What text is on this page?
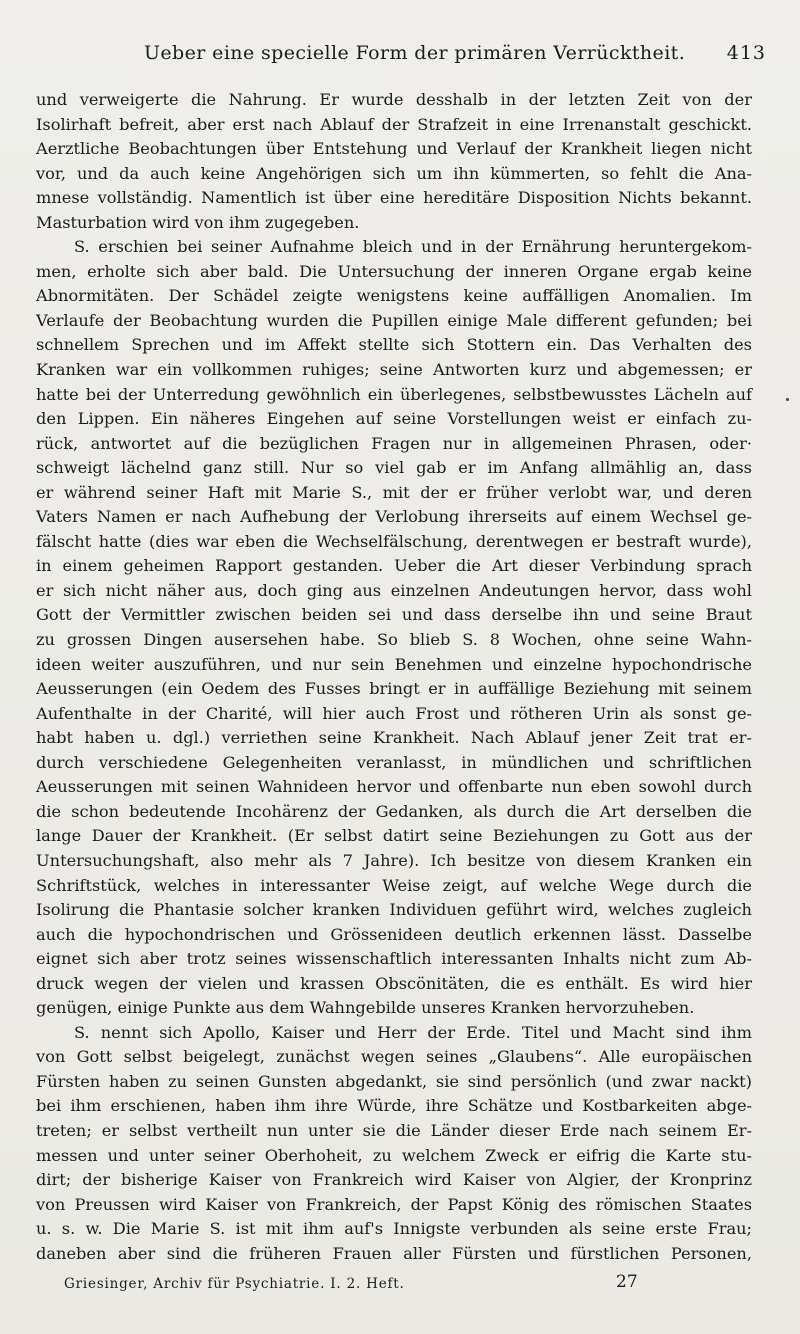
Ueber eine specielle Form der primären Verrücktheit. 413
und verweigerte die Nahrung. Er wurde desshalb in der letzten Zeit von der
Isolirhaft befreit, aber erst nach Ablauf der Strafzeit in eine Irrenanstalt geschickt.
Aerztliche Beobachtungen über Entstehung und Verlauf der Krankheit liegen nicht
vor, und da auch keine Angehörigen sich um ihn kümmerten, so fehlt die Ana-
mnese vollständig. Namentlich ist über eine hereditäre Disposition Nichts bekannt.
Masturbation wird von ihm zugegeben.
S. erschien bei seiner Aufnahme bleich und in der Ernährung heruntergekom-
men, erholte sich aber bald. Die Untersuchung der inneren Organe ergab keine
Abnormitäten. Der Schädel zeigte wenigstens keine auffälligen Anomalien. Im
Verlaufe der Beobachtung wurden die Pupillen einige Male different gefunden; bei
schnellem Sprechen und im Affekt stellte sich Stottern ein. Das Verhalten des
Kranken war ein vollkommen ruhiges; seine Antworten kurz und abgemessen; er
hatte bei der Unterredung gewöhnlich ein überlegenes, selbstbewusstes Lächeln auf
den Lippen. Ein näheres Eingehen auf seine Vorstellungen weist er einfach zu-
rück, antwortet auf die bezüglichen Fragen nur in allgemeinen Phrasen, oder·
schweigt lächelnd ganz still. Nur so viel gab er im Anfang allmählig an, dass
er während seiner Haft mit Marie S., mit der er früher verlobt war, und deren
Vaters Namen er nach Aufhebung der Verlobung ihrerseits auf einem Wechsel ge-
fälscht hatte (dies war eben die Wechselfälschung, derentwegen er bestraft wurde),
in einem geheimen Rapport gestanden. Ueber die Art dieser Verbindung sprach
er sich nicht näher aus, doch ging aus einzelnen Andeutungen hervor, dass wohl
Gott der Vermittler zwischen beiden sei und dass derselbe ihn und seine Braut
zu grossen Dingen ausersehen habe. So blieb S. 8 Wochen, ohne seine Wahn-
ideen weiter auszuführen, und nur sein Benehmen und einzelne hypochondrische
Aeusserungen (ein Oedem des Fusses bringt er in auffällige Beziehung mit seinem
Aufenthalte in der Charité, will hier auch Frost und rötheren Urin als sonst ge-
habt haben u. dgl.) verriethen seine Krankheit. Nach Ablauf jener Zeit trat er-
durch verschiedene Gelegenheiten veranlasst, in mündlichen und schriftlichen
Aeusserungen mit seinen Wahnideen hervor und offenbarte nun eben sowohl durch
die schon bedeutende Incohärenz der Gedanken, als durch die Art derselben die
lange Dauer der Krankheit. (Er selbst datirt seine Beziehungen zu Gott aus der
Untersuchungshaft, also mehr als 7 Jahre). Ich besitze von diesem Kranken ein
Schriftstück, welches in interessanter Weise zeigt, auf welche Wege durch die
Isolirung die Phantasie solcher kranken Individuen geführt wird, welches zugleich
auch die hypochondrischen und Grössenideen deutlich erkennen lässt. Dasselbe
eignet sich aber trotz seines wissenschaftlich interessanten Inhalts nicht zum Ab-
druck wegen der vielen und krassen Obscönitäten, die es enthält. Es wird hier
genügen, einige Punkte aus dem Wahngebilde unseres Kranken hervorzuheben.
S. nennt sich Apollo, Kaiser und Herr der Erde. Titel und Macht sind ihm
von Gott selbst beigelegt, zunächst wegen seines „Glaubens“. Alle europäischen
Fürsten haben zu seinen Gunsten abgedankt, sie sind persönlich (und zwar nackt)
bei ihm erschienen, haben ihm ihre Würde, ihre Schätze und Kostbarkeiten abge-
treten; er selbst vertheilt nun unter sie die Länder dieser Erde nach seinem Er-
messen und unter seiner Oberhoheit, zu welchem Zweck er eifrig die Karte stu-
dirt; der bisherige Kaiser von Frankreich wird Kaiser von Algier, der Kronprinz
von Preussen wird Kaiser von Frankreich, der Papst König des römischen Staates
u. s. w. Die Marie S. ist mit ihm auf's Innigste verbunden als seine erste Frau;
daneben aber sind die früheren Frauen aller Fürsten und fürstlichen Personen,
Griesinger, Archiv für Psychiatrie. I. 2. Heft.	27
